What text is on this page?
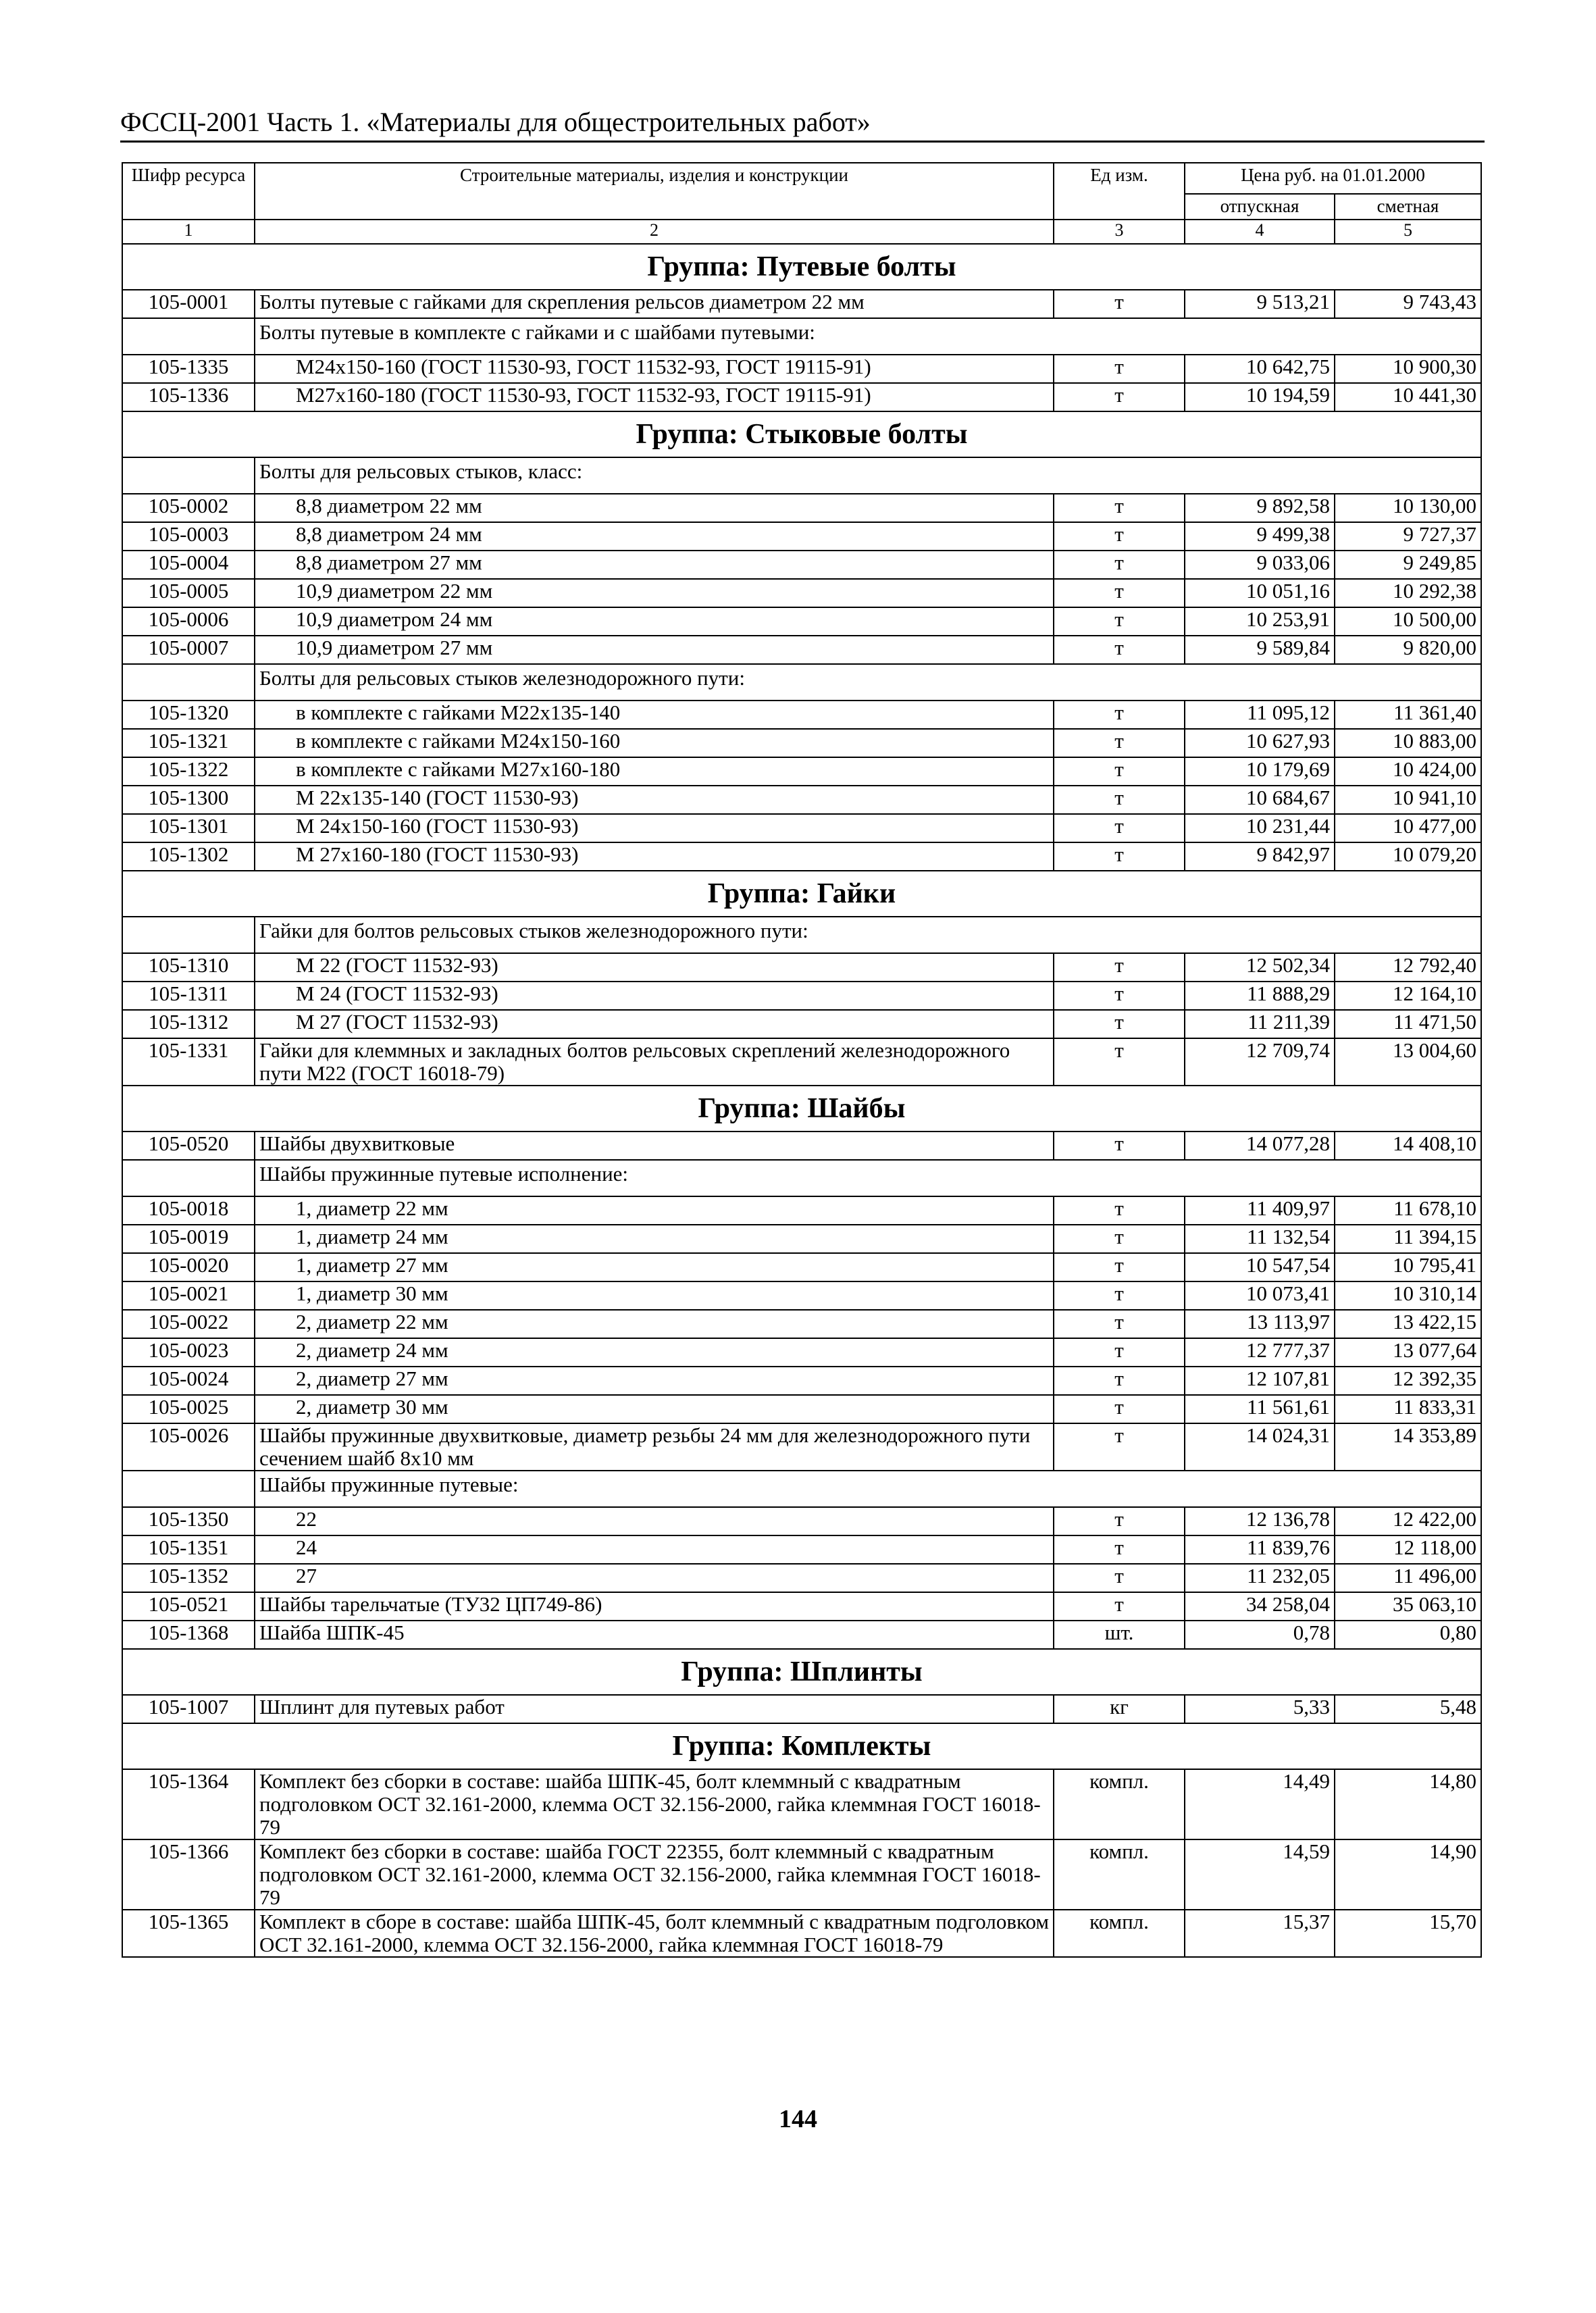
ФССЦ-2001 Часть 1. «Материалы для общестроительных работ»
Шифр ресурса	Строительные материалы, изделия и конструкции	Ед изм.	Цена руб. на 01.01.2000	
			отпускная	сметная
1	2	3	4	5
Группа: Путевые болты				
105-0001	Болты путевые с гайками для скрепления рельсов диаметром 22 мм	т	9 513,21	9 743,43
	Болты путевые в комплекте с гайками и с шайбами путевыми:			
105-1335	М24х150-160 (ГОСТ 11530-93, ГОСТ 11532-93, ГОСТ 19115-91)	т	10 642,75	10 900,30
105-1336	М27х160-180 (ГОСТ 11530-93, ГОСТ 11532-93, ГОСТ 19115-91)	т	10 194,59	10 441,30
Группа: Стыковые болты				
	Болты для рельсовых стыков, класс:			
105-0002	8,8 диаметром 22 мм	т	9 892,58	10 130,00
105-0003	8,8 диаметром 24 мм	т	9 499,38	9 727,37
105-0004	8,8 диаметром 27 мм	т	9 033,06	9 249,85
105-0005	10,9 диаметром 22 мм	т	10 051,16	10 292,38
105-0006	10,9 диаметром 24 мм	т	10 253,91	10 500,00
105-0007	10,9 диаметром 27 мм	т	9 589,84	9 820,00
	Болты для рельсовых стыков железнодорожного пути:			
105-1320	в комплекте с гайками М22х135-140	т	11 095,12	11 361,40
105-1321	в комплекте с гайками М24х150-160	т	10 627,93	10 883,00
105-1322	в комплекте с гайками М27х160-180	т	10 179,69	10 424,00
105-1300	М 22х135-140 (ГОСТ 11530-93)	т	10 684,67	10 941,10
105-1301	М 24х150-160 (ГОСТ 11530-93)	т	10 231,44	10 477,00
105-1302	М 27х160-180 (ГОСТ 11530-93)	т	9 842,97	10 079,20
Группа: Гайки				
	Гайки для болтов рельсовых стыков железнодорожного пути:			
105-1310	М 22 (ГОСТ 11532-93)	т	12 502,34	12 792,40
105-1311	М 24 (ГОСТ 11532-93)	т	11 888,29	12 164,10
105-1312	М 27 (ГОСТ 11532-93)	т	11 211,39	11 471,50
105-1331	Гайки для клеммных и закладных болтов рельсовых скреплений железнодорожного пути М22 (ГОСТ 16018-79)	т	12 709,74	13 004,60
Группа: Шайбы				
105-0520	Шайбы двухвитковые	т	14 077,28	14 408,10
	Шайбы пружинные путевые исполнение:			
105-0018	1, диаметр 22 мм	т	11 409,97	11 678,10
105-0019	1, диаметр 24 мм	т	11 132,54	11 394,15
105-0020	1, диаметр 27 мм	т	10 547,54	10 795,41
105-0021	1, диаметр 30 мм	т	10 073,41	10 310,14
105-0022	2, диаметр 22 мм	т	13 113,97	13 422,15
105-0023	2, диаметр 24 мм	т	12 777,37	13 077,64
105-0024	2, диаметр 27 мм	т	12 107,81	12 392,35
105-0025	2, диаметр 30 мм	т	11 561,61	11 833,31
105-0026	Шайбы пружинные двухвитковые, диаметр резьбы 24 мм для железнодорожного пути сечением шайб 8х10 мм	т	14 024,31	14 353,89
	Шайбы пружинные путевые:			
105-1350	22	т	12 136,78	12 422,00
105-1351	24	т	11 839,76	12 118,00
105-1352	27	т	11 232,05	11 496,00
105-0521	Шайбы тарельчатые (ТУ32 ЦП749-86)	т	34 258,04	35 063,10
105-1368	Шайба ШПК-45	шт.	0,78	0,80
Группа: Шплинты				
105-1007	Шплинт для путевых работ	кг	5,33	5,48
Группа: Комплекты				
105-1364	Комплект без сборки в составе: шайба ШПК-45, болт клеммный с квадратным подголовком ОСТ 32.161-2000, клемма ОСТ 32.156-2000, гайка клеммная ГОСТ 16018-79	компл.	14,49	14,80
105-1366	Комплект без сборки в составе: шайба ГОСТ 22355, болт клеммный с квадратным подголовком ОСТ 32.161-2000, клемма ОСТ 32.156-2000, гайка клеммная ГОСТ 16018-79	компл.	14,59	14,90
105-1365	Комплект в сборе в составе: шайба ШПК-45, болт клеммный с квадратным подголовком ОСТ 32.161-2000, клемма ОСТ 32.156-2000, гайка клеммная ГОСТ 16018-79	компл.	15,37	15,70
144
